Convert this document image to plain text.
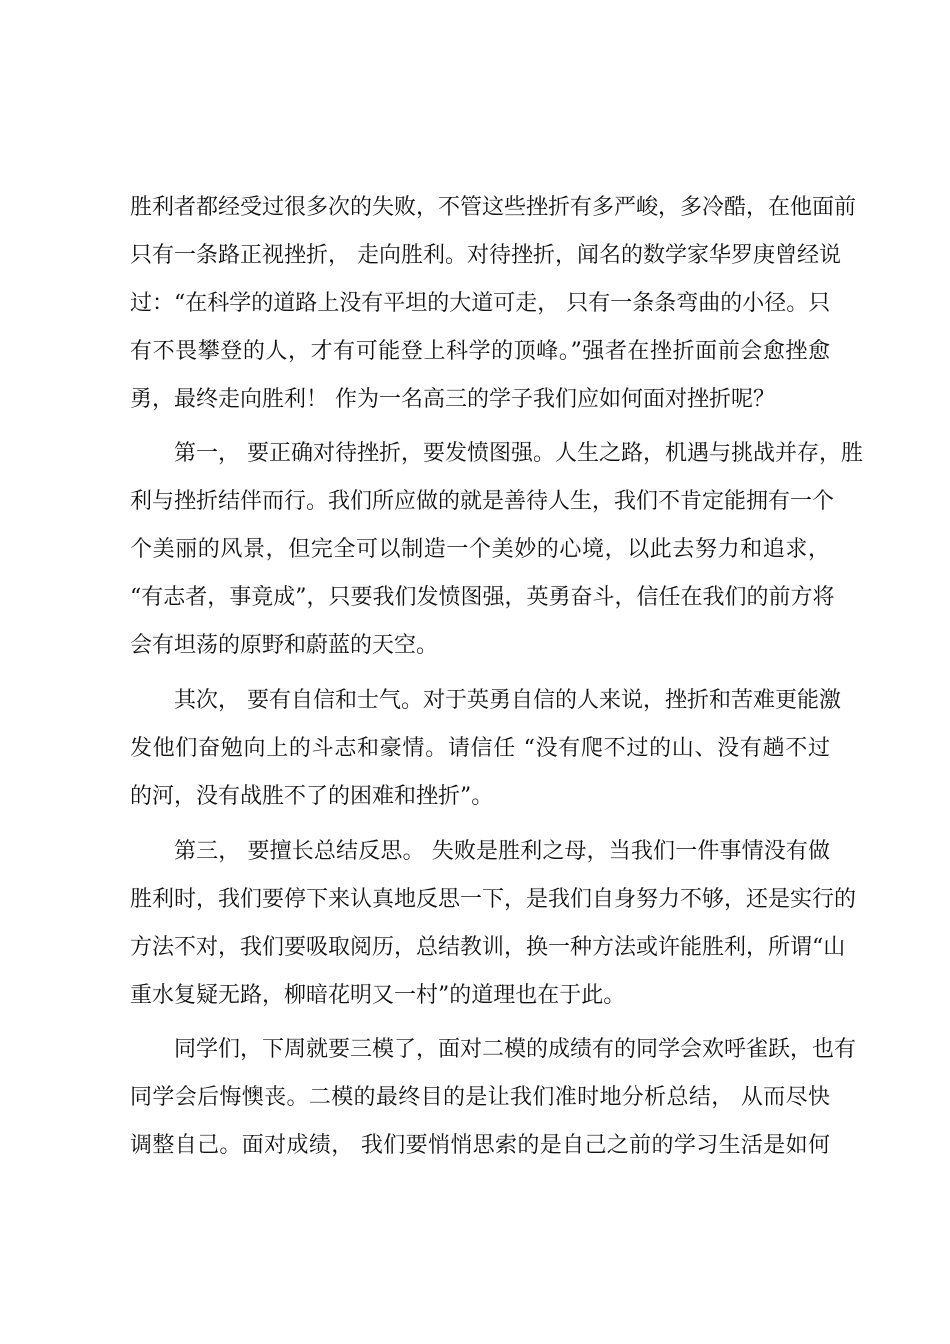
胜利者都经受过很多次的失败，不管这些挫折有多严峻，多冷酷，在他面前
只有一条路正视挫折， 走向胜利。对待挫折，闻名的数学家华罗庚曾经说
过：“在科学的道路上没有平坦的大道可走， 只有一条条弯曲的小径。只
有不畏攀登的人，才有可能登上科学的顶峰。”强者在挫折面前会愈挫愈
勇，最终走向胜利！ 作为一名高三的学子我们应如何面对挫折呢？
第一， 要正确对待挫折，要发愤图强。人生之路，机遇与挑战并存，胜
利与挫折结伴而行。我们所应做的就是善待人生，我们不肯定能拥有一个
个美丽的风景，但完全可以制造一个美妙的心境，以此去努力和追求，
“有志者，事竟成”，只要我们发愤图强，英勇奋斗，信任在我们的前方将
会有坦荡的原野和蔚蓝的天空。
其次， 要有自信和士气。对于英勇自信的人来说，挫折和苦难更能激
发他们奋勉向上的斗志和豪情。请信任 “没有爬不过的山、没有趟不过
的河，没有战胜不了的困难和挫折”。
第三， 要擅长总结反思。 失败是胜利之母，当我们一件事情没有做
胜利时，我们要停下来认真地反思一下，是我们自身努力不够，还是实行的
方法不对，我们要吸取阅历，总结教训，换一种方法或许能胜利，所谓“山
重水复疑无路，柳暗花明又一村”的道理也在于此。
同学们，下周就要三模了，面对二模的成绩有的同学会欢呼雀跃，也有
同学会后悔懊丧。二模的最终目的是让我们准时地分析总结， 从而尽快
调整自己。面对成绩， 我们要悄悄思索的是自己之前的学习生活是如何
